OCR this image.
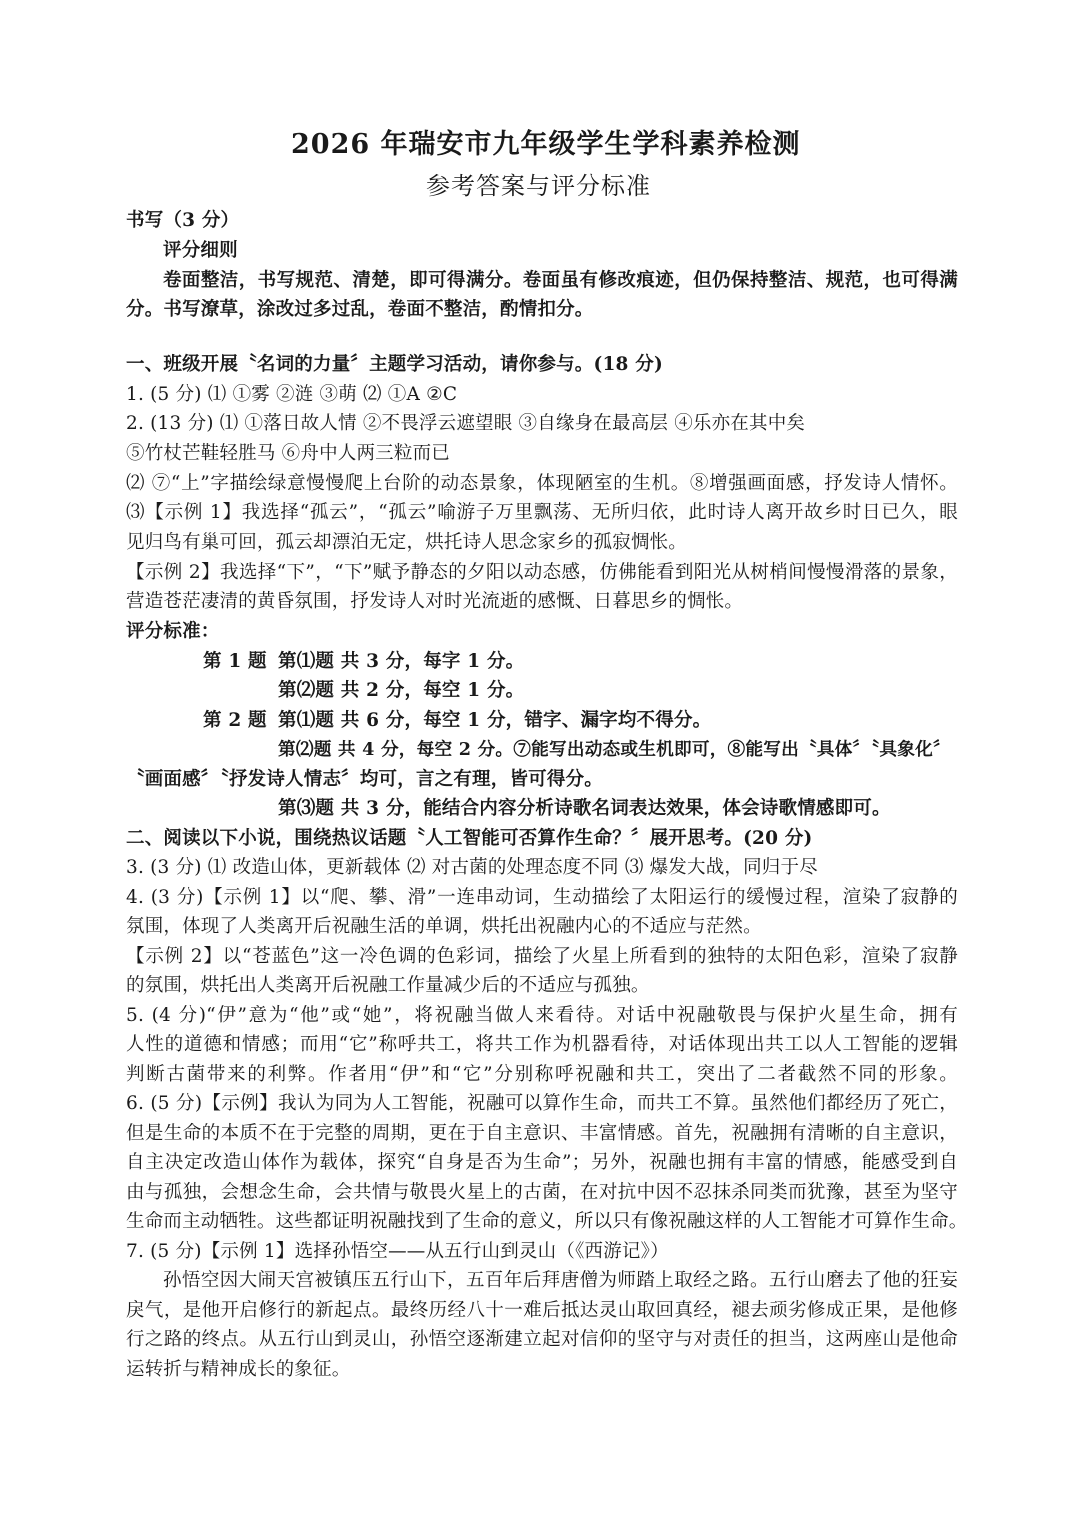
2026 年瑞安市九年级学生学科素养检测
参考答案与评分标准
书写（3 分）
评分细则
卷面整洁，书写规范、清楚，即可得满分。卷面虽有修改痕迹，但仍保持整洁、规范，也可得满
分。书写潦草，涂改过多过乱，卷面不整洁，酌情扣分。
一、班级开展〝名词的力量〞主题学习活动，请你参与。(18 分)
1. (5 分) ⑴ ①雾 ②涟 ③萌 ⑵ ①A ②C
2. (13 分) ⑴ ①落日故人情 ②不畏浮云遮望眼 ③自缘身在最高层 ④乐亦在其中矣
⑤竹杖芒鞋轻胜马 ⑥舟中人两三粒而已
⑵ ⑦“上”字描绘绿意慢慢爬上台阶的动态景象，体现陋室的生机。⑧增强画面感，抒发诗人情怀。
⑶【示例 1】我选择“孤云”，“孤云”喻游子万里飘荡、无所归依，此时诗人离开故乡时日已久，眼
见归鸟有巢可回，孤云却漂泊无定，烘托诗人思念家乡的孤寂惆怅。
【示例 2】我选择“下”，“下”赋予静态的夕阳以动态感，仿佛能看到阳光从树梢间慢慢滑落的景象，
营造苍茫凄清的黄昏氛围，抒发诗人对时光流逝的感慨、日暮思乡的惆怅。
评分标准：
第 1 题 第⑴题 共 3 分，每字 1 分。
第⑵题 共 2 分，每空 1 分。
第 2 题 第⑴题 共 6 分，每空 1 分，错字、漏字均不得分。
第⑵题 共 4 分，每空 2 分。⑦能写出动态或生机即可，⑧能写出〝具体〞〝具象化〞
〝画面感〞〝抒发诗人情志〞均可，言之有理，皆可得分。
第⑶题 共 3 分，能结合内容分析诗歌名词表达效果，体会诗歌情感即可。
二、阅读以下小说，围绕热议话题〝人工智能可否算作生命？〞展开思考。(20 分)
3. (3 分) ⑴ 改造山体，更新载体 ⑵ 对古菌的处理态度不同 ⑶ 爆发大战，同归于尽
4. (3 分)【示例 1】以“爬、攀、滑”一连串动词，生动描绘了太阳运行的缓慢过程，渲染了寂静的
氛围，体现了人类离开后祝融生活的单调，烘托出祝融内心的不适应与茫然。
【示例 2】以“苍蓝色”这一冷色调的色彩词，描绘了火星上所看到的独特的太阳色彩，渲染了寂静
的氛围，烘托出人类离开后祝融工作量减少后的不适应与孤独。
5. (4 分)“伊”意为“他”或“她”，将祝融当做人来看待。对话中祝融敬畏与保护火星生命，拥有
人性的道德和情感；而用“它”称呼共工，将共工作为机器看待，对话体现出共工以人工智能的逻辑
判断古菌带来的利弊。作者用“伊”和“它”分别称呼祝融和共工，突出了二者截然不同的形象。
6. (5 分)【示例】我认为同为人工智能，祝融可以算作生命，而共工不算。虽然他们都经历了死亡，
但是生命的本质不在于完整的周期，更在于自主意识、丰富情感。首先，祝融拥有清晰的自主意识，
自主决定改造山体作为载体，探究“自身是否为生命”；另外，祝融也拥有丰富的情感，能感受到自
由与孤独，会想念生命，会共情与敬畏火星上的古菌，在对抗中因不忍抹杀同类而犹豫，甚至为坚守
生命而主动牺牲。这些都证明祝融找到了生命的意义，所以只有像祝融这样的人工智能才可算作生命。
7. (5 分)【示例 1】选择孙悟空——从五行山到灵山（《西游记》）
孙悟空因大闹天宫被镇压五行山下，五百年后拜唐僧为师踏上取经之路。五行山磨去了他的狂妄
戾气，是他开启修行的新起点。最终历经八十一难后抵达灵山取回真经，褪去顽劣修成正果，是他修
行之路的终点。从五行山到灵山，孙悟空逐渐建立起对信仰的坚守与对责任的担当，这两座山是他命
运转折与精神成长的象征。
